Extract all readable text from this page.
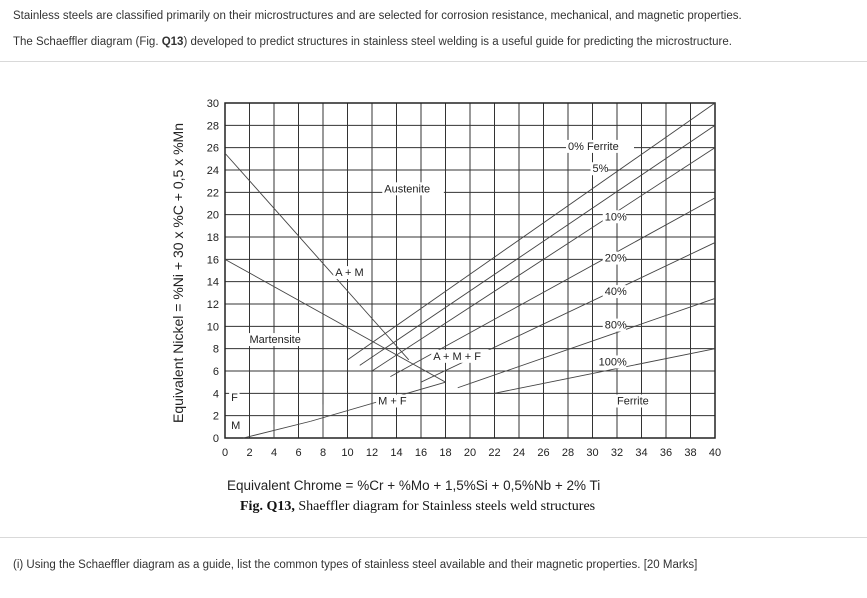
Stainless steels are classified primarily on their microstructures and are selected for corrosion resistance, mechanical, and magnetic properties.
The Schaeffler diagram (Fig. Q13) developed to predict structures in stainless steel welding is a useful guide for predicting the microstructure.
0% Ferrite
5%
10%
20%
40%
80%
100%
Austenite
A + M
Martensite
A + M + F
M + F	Ferrite
F
M
0 2 4 6 8 10 12 14 16 18 20 22 24 26 28 30 32 34 36 38 40
0
2
4
6
8
10
12
14
16
18
20
22
24
26
28
30
Equivalent Chrome = %Cr + %Mo + 1,5%Si + 0,5%Nb + 2% Ti
Equivalent Nickel = %Ni + 30 x %C + 0,5 x %Mn
Fig. Q13, Shaeffler diagram for Stainless steels weld structures
(i) Using the Schaeffler diagram as a guide, list the common types of stainless steel available and their magnetic properties. [20 Marks]
